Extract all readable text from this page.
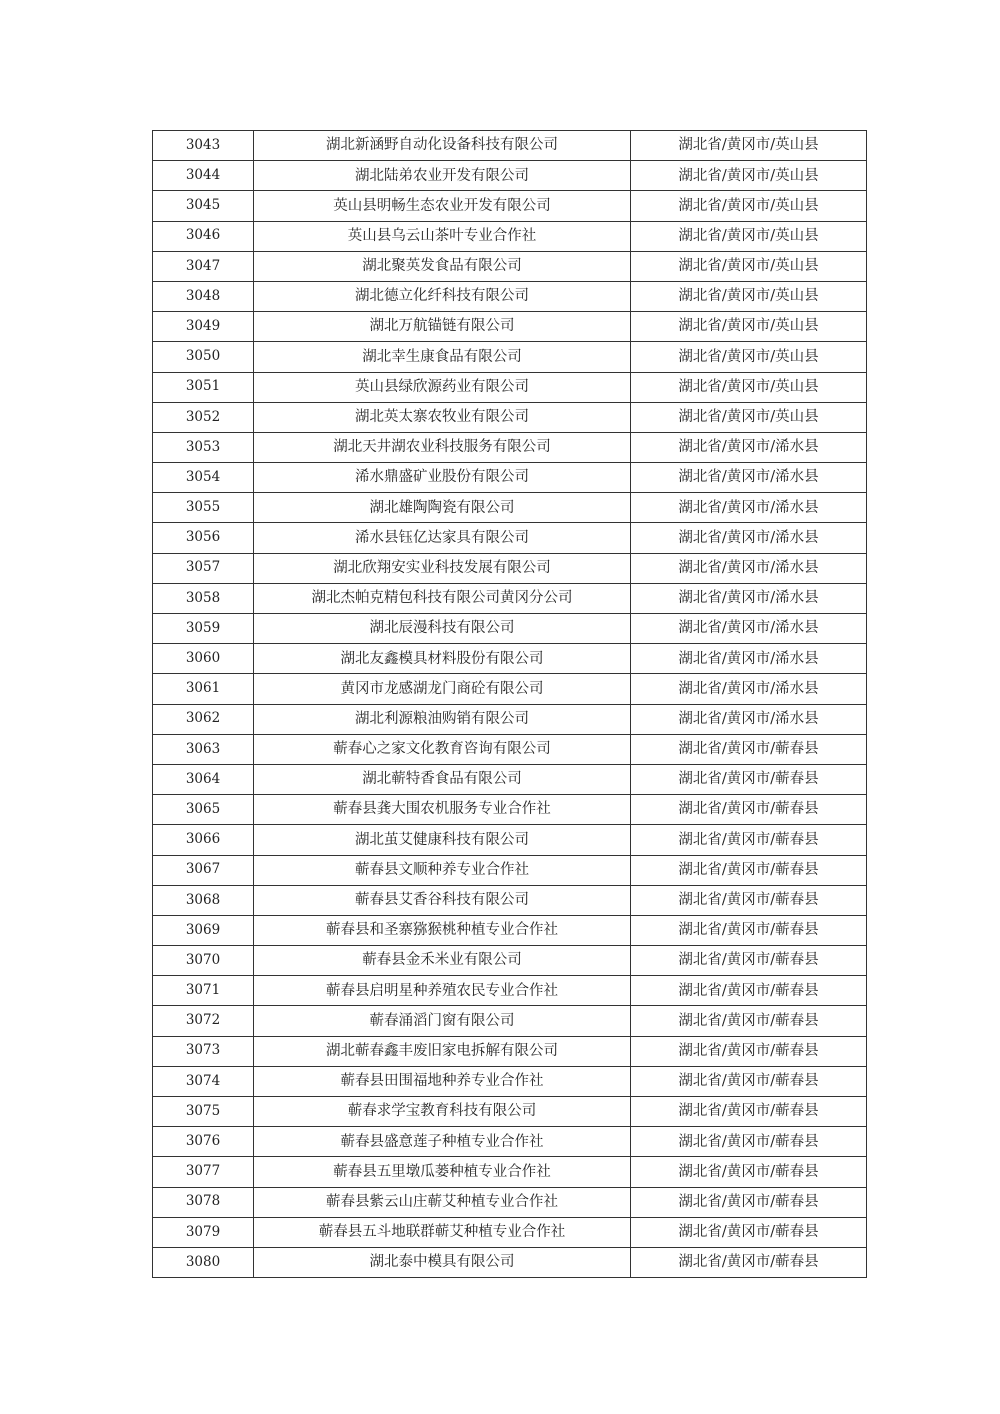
3043	湖北新涵野自动化设备科技有限公司	湖北省/黄冈市/英山县
3044	湖北陆弟农业开发有限公司	湖北省/黄冈市/英山县
3045	英山县明畅生态农业开发有限公司	湖北省/黄冈市/英山县
3046	英山县乌云山茶叶专业合作社	湖北省/黄冈市/英山县
3047	湖北聚英发食品有限公司	湖北省/黄冈市/英山县
3048	湖北德立化纤科技有限公司	湖北省/黄冈市/英山县
3049	湖北万航锚链有限公司	湖北省/黄冈市/英山县
3050	湖北幸生康食品有限公司	湖北省/黄冈市/英山县
3051	英山县绿欣源药业有限公司	湖北省/黄冈市/英山县
3052	湖北英太寨农牧业有限公司	湖北省/黄冈市/英山县
3053	湖北天井湖农业科技服务有限公司	湖北省/黄冈市/浠水县
3054	浠水鼎盛矿业股份有限公司	湖北省/黄冈市/浠水县
3055	湖北雄陶陶瓷有限公司	湖北省/黄冈市/浠水县
3056	浠水县钰亿达家具有限公司	湖北省/黄冈市/浠水县
3057	湖北欣翔安实业科技发展有限公司	湖北省/黄冈市/浠水县
3058	湖北杰帕克精包科技有限公司黄冈分公司	湖北省/黄冈市/浠水县
3059	湖北辰漫科技有限公司	湖北省/黄冈市/浠水县
3060	湖北友鑫模具材料股份有限公司	湖北省/黄冈市/浠水县
3061	黄冈市龙感湖龙门商砼有限公司	湖北省/黄冈市/浠水县
3062	湖北利源粮油购销有限公司	湖北省/黄冈市/浠水县
3063	蕲春心之家文化教育咨询有限公司	湖北省/黄冈市/蕲春县
3064	湖北蕲特香食品有限公司	湖北省/黄冈市/蕲春县
3065	蕲春县龚大围农机服务专业合作社	湖北省/黄冈市/蕲春县
3066	湖北茧艾健康科技有限公司	湖北省/黄冈市/蕲春县
3067	蕲春县文顺种养专业合作社	湖北省/黄冈市/蕲春县
3068	蕲春县艾香谷科技有限公司	湖北省/黄冈市/蕲春县
3069	蕲春县和圣寨猕猴桃种植专业合作社	湖北省/黄冈市/蕲春县
3070	蕲春县金禾米业有限公司	湖北省/黄冈市/蕲春县
3071	蕲春县启明星种养殖农民专业合作社	湖北省/黄冈市/蕲春县
3072	蕲春涌滔门窗有限公司	湖北省/黄冈市/蕲春县
3073	湖北蕲春鑫丰废旧家电拆解有限公司	湖北省/黄冈市/蕲春县
3074	蕲春县田围福地种养专业合作社	湖北省/黄冈市/蕲春县
3075	蕲春求学宝教育科技有限公司	湖北省/黄冈市/蕲春县
3076	蕲春县盛意莲子种植专业合作社	湖北省/黄冈市/蕲春县
3077	蕲春县五里墩瓜蒌种植专业合作社	湖北省/黄冈市/蕲春县
3078	蕲春县紫云山庄蕲艾种植专业合作社	湖北省/黄冈市/蕲春县
3079	蕲春县五斗地联群蕲艾种植专业合作社	湖北省/黄冈市/蕲春县
3080	湖北泰中模具有限公司	湖北省/黄冈市/蕲春县
